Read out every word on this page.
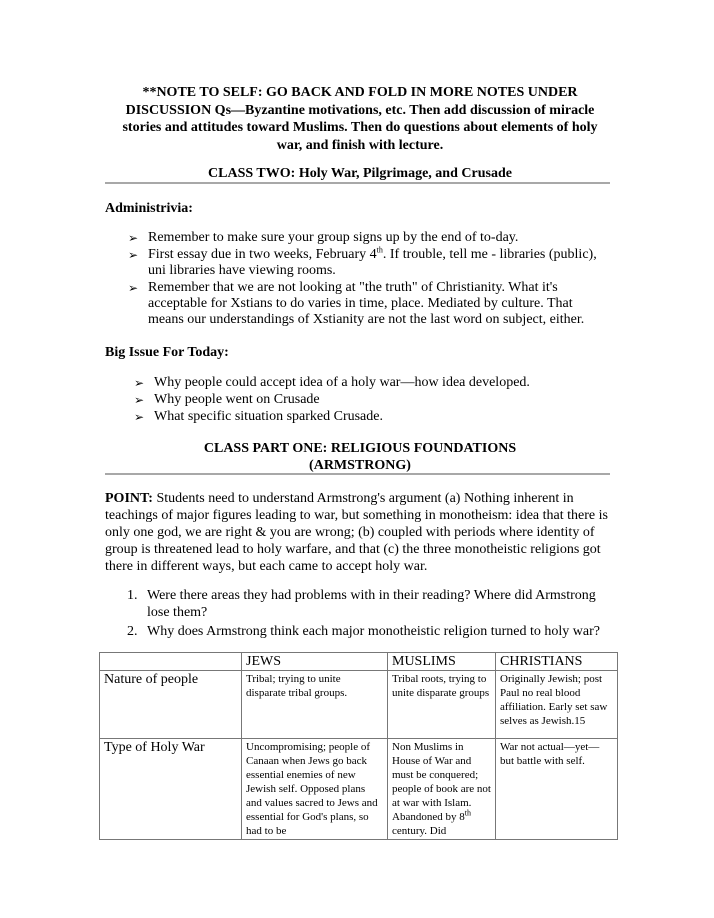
**NOTE TO SELF: GO BACK AND FOLD IN MORE NOTES UNDER DISCUSSION Qs—Byzantine motivations, etc. Then add discussion of miracle stories and attitudes toward Muslims. Then do questions about elements of holy war, and finish with lecture.
CLASS TWO: Holy War, Pilgrimage, and Crusade
Administrivia:
➢ Remember to make sure your group signs up by the end of to-day.
➢ First essay due in two weeks, February 4th. If trouble, tell me - libraries (public), uni libraries have viewing rooms.
➢ Remember that we are not looking at "the truth" of Christianity. What it's acceptable for Xstians to do varies in time, place. Mediated by culture. That means our understandings of Xstianity are not the last word on subject, either.
Big Issue For Today:
➢ Why people could accept idea of a holy war—how idea developed.
➢ Why people went on Crusade
➢ What specific situation sparked Crusade.
CLASS PART ONE: RELIGIOUS FOUNDATIONS
(ARMSTRONG)
POINT: Students need to understand Armstrong's argument (a) Nothing inherent in teachings of major figures leading to war, but something in monotheism: idea that there is only one god, we are right & you are wrong; (b) coupled with periods where identity of group is threatened lead to holy warfare, and that (c) the three monotheistic religions got there in different ways, but each came to accept holy war.
1. Were there areas they had problems with in their reading? Where did Armstrong lose them?
2. Why does Armstrong think each major monotheistic religion turned to holy war?
	JEWS	MUSLIMS	CHRISTIANS
Nature of people	Tribal; trying to unite disparate tribal groups.	Tribal roots, trying to unite disparate groups	Originally Jewish; post Paul no real blood affiliation. Early set saw selves as Jewish.15
Type of Holy War	Uncompromising; people of Canaan when Jews go back essential enemies of new Jewish self. Opposed plans and values sacred to Jews and essential for God's plans, so had to be	Non Muslims in House of War and must be conquered; people of book are not at war with Islam. Abandoned by 8th century. Did	War not actual—yet—but battle with self.
